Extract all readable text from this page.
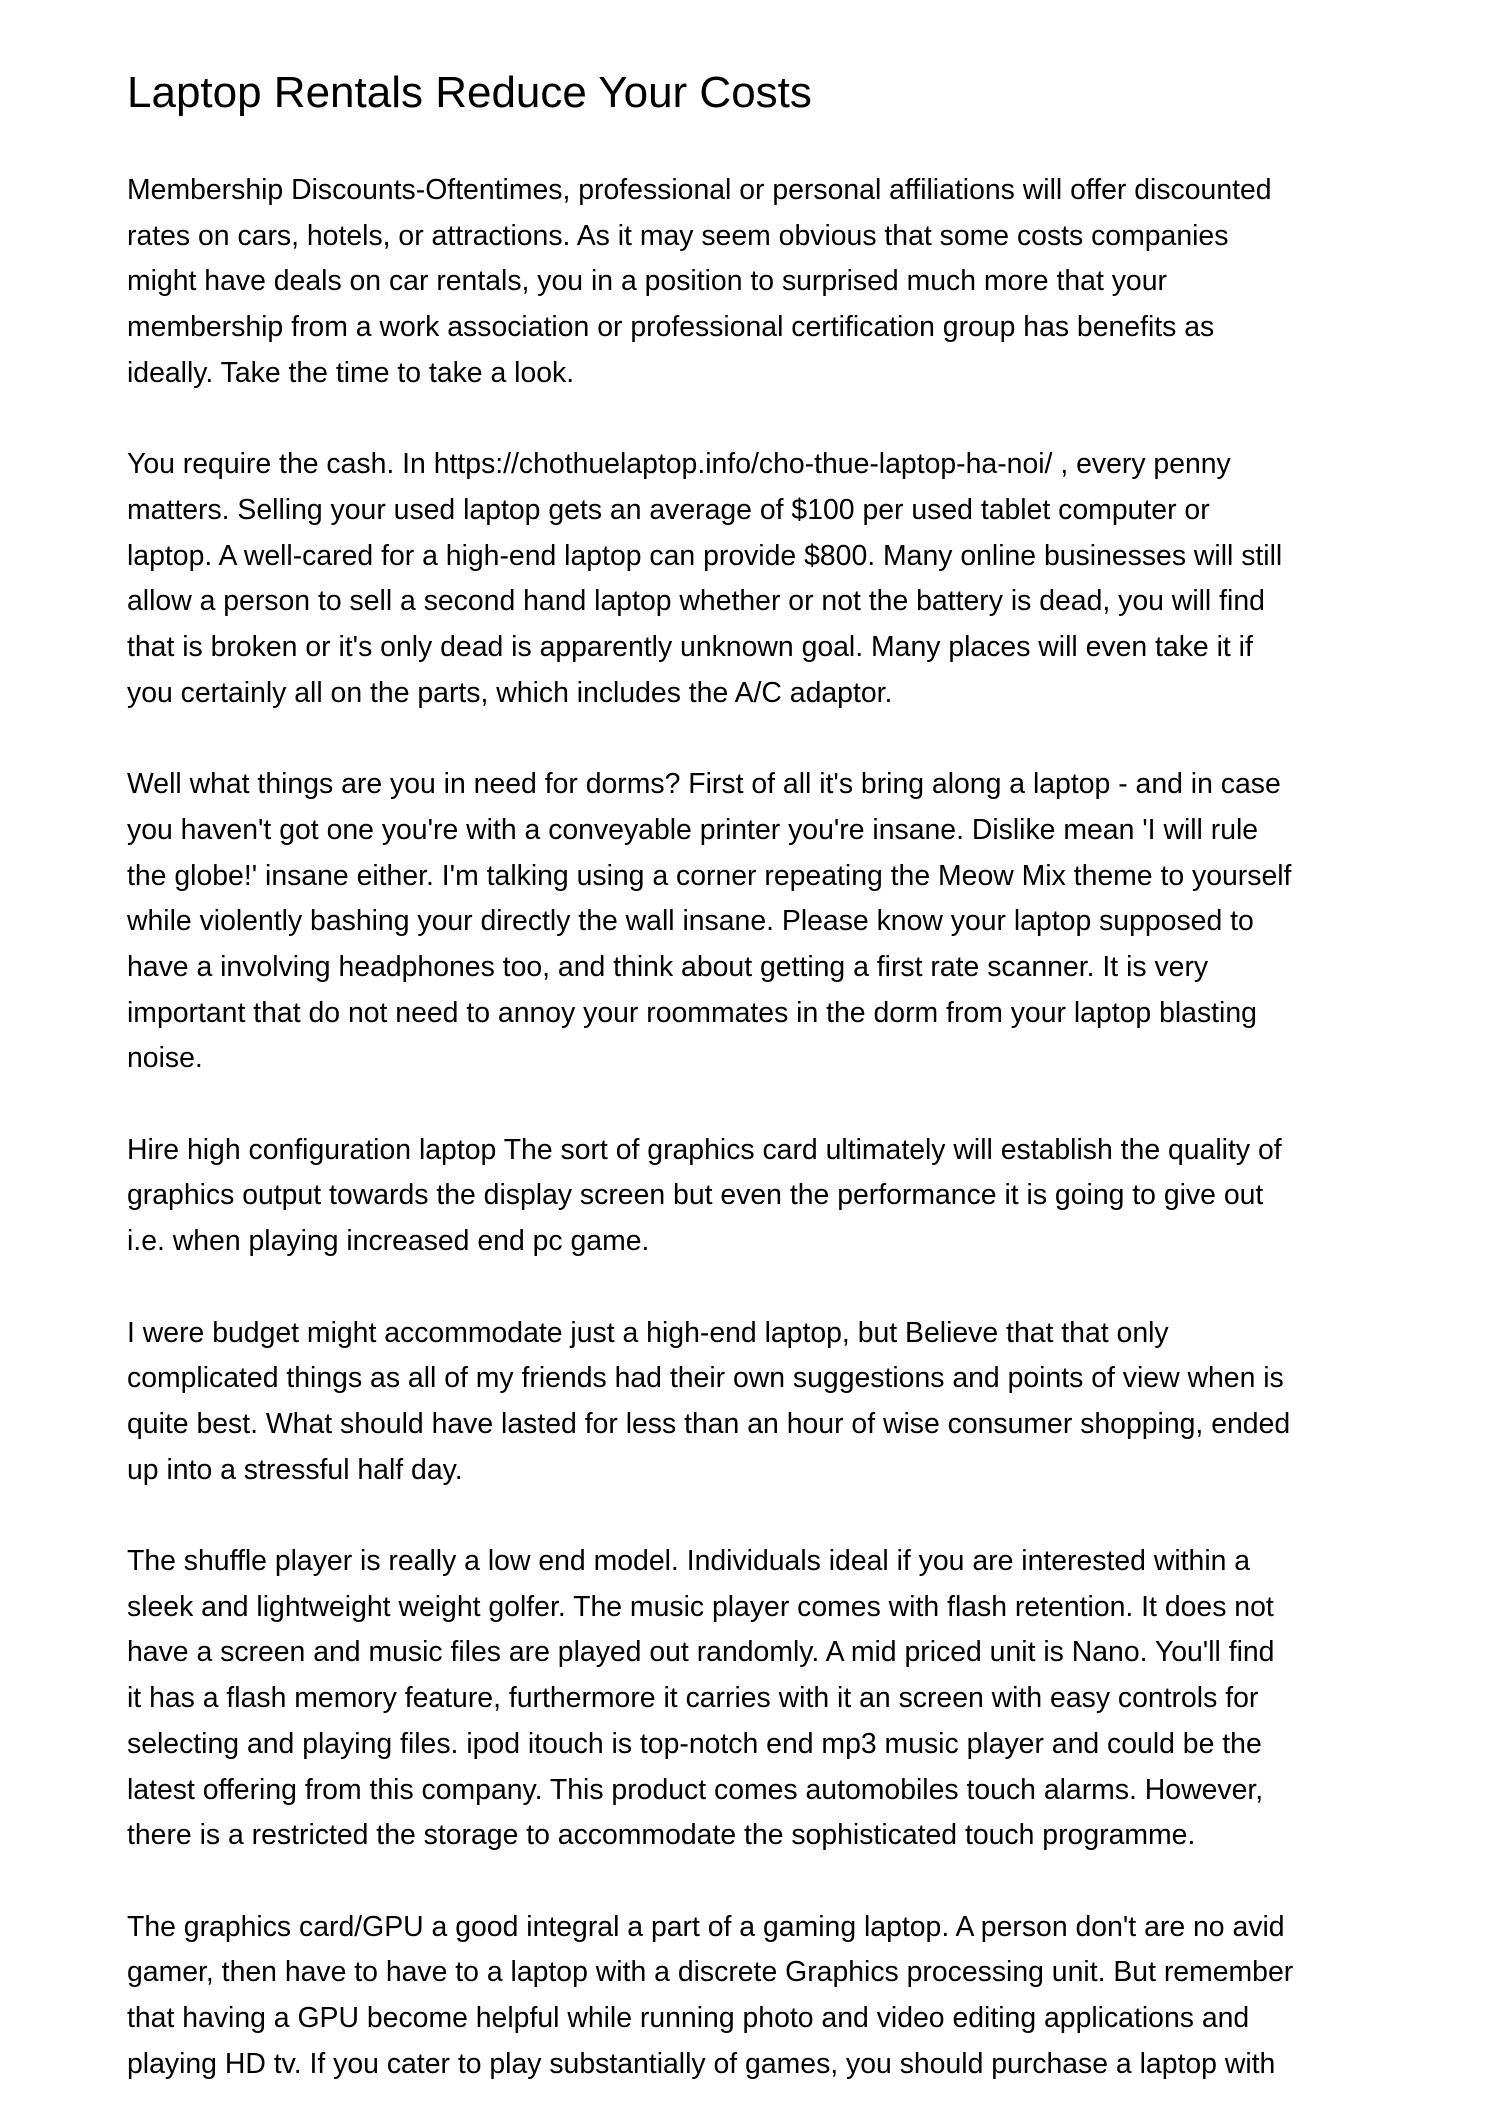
Laptop Rentals Reduce Your Costs

Membership Discounts-Oftentimes, professional or personal affiliations will offer discounted
rates on cars, hotels, or attractions. As it may seem obvious that some costs companies
might have deals on car rentals, you in a position to surprised much more that your
membership from a work association or professional certification group has benefits as
ideally. Take the time to take a look.

You require the cash. In https://chothuelaptop.info/cho-thue-laptop-ha-noi/ , every penny
matters. Selling your used laptop gets an average of $100 per used tablet computer or
laptop. A well-cared for a high-end laptop can provide $800. Many online businesses will still
allow a person to sell a second hand laptop whether or not the battery is dead, you will find
that is broken or it's only dead is apparently unknown goal. Many places will even take it if
you certainly all on the parts, which includes the A/C adaptor.

Well what things are you in need for dorms? First of all it's bring along a laptop - and in case
you haven't got one you're with a conveyable printer you're insane. Dislike mean 'I will rule
the globe!' insane either. I'm talking using a corner repeating the Meow Mix theme to yourself
while violently bashing your directly the wall insane. Please know your laptop supposed to
have a involving headphones too, and think about getting a first rate scanner. It is very
important that do not need to annoy your roommates in the dorm from your laptop blasting
noise.

Hire high configuration laptop The sort of graphics card ultimately will establish the quality of
graphics output towards the display screen but even the performance it is going to give out
i.e. when playing increased end pc game.

I were budget might accommodate just a high-end laptop, but Believe that that only
complicated things as all of my friends had their own suggestions and points of view when is
quite best. What should have lasted for less than an hour of wise consumer shopping, ended
up into a stressful half day.

The shuffle player is really a low end model. Individuals ideal if you are interested within a
sleek and lightweight weight golfer. The music player comes with flash retention. It does not
have a screen and music files are played out randomly. A mid priced unit is Nano. You'll find
it has a flash memory feature, furthermore it carries with it an screen with easy controls for
selecting and playing files. ipod itouch is top-notch end mp3 music player and could be the
latest offering from this company. This product comes automobiles touch alarms. However,
there is a restricted the storage to accommodate the sophisticated touch programme.

The graphics card/GPU a good integral a part of a gaming laptop. A person don't are no avid
gamer, then have to have to a laptop with a discrete Graphics processing unit. But remember
that having a GPU become helpful while running photo and video editing applications and
playing HD tv. If you cater to play substantially of games, you should purchase a laptop with
